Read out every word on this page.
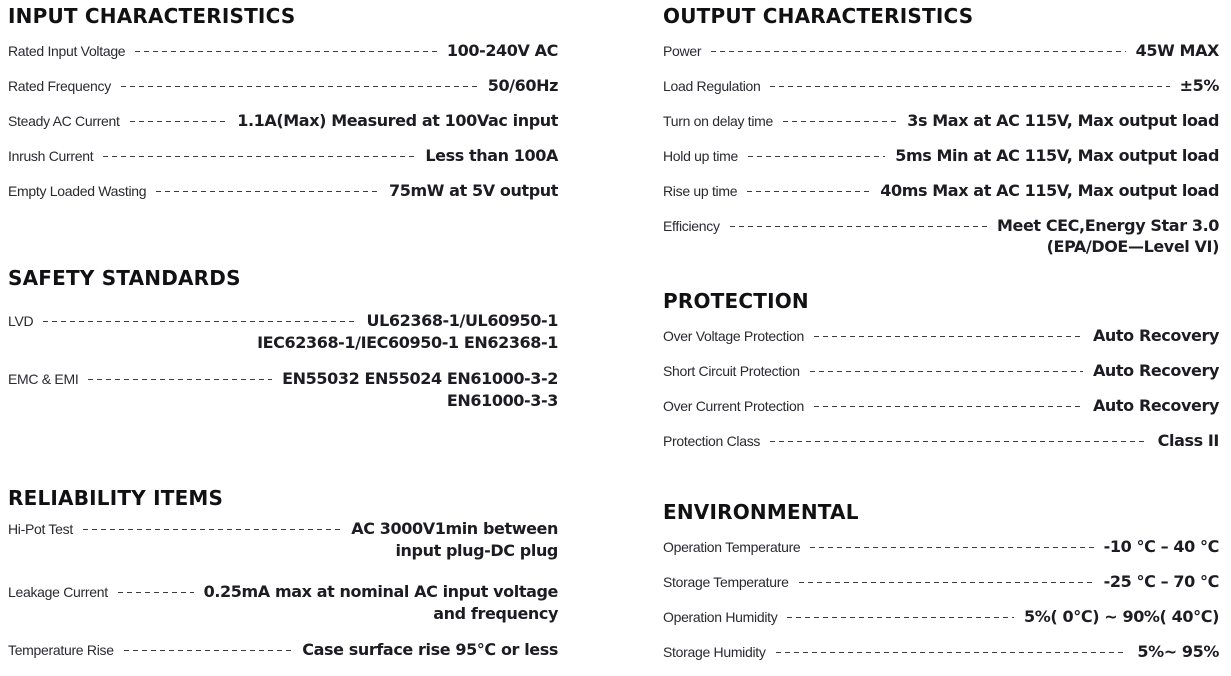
INPUT CHARACTERISTICS
Rated Input Voltage	100-240V AC
Rated Frequency	50/60Hz
Steady AC Current	1.1A(Max) Measured at 100Vac input
Inrush Current	Less than 100A
Empty Loaded Wasting	75mW at 5V output
SAFETY STANDARDS
LVD	UL62368-1/UL60950-1
IEC62368-1/IEC60950-1 EN62368-1
EMC & EMI	EN55032 EN55024 EN61000-3-2
EN61000-3-3
RELIABILITY ITEMS
Hi-Pot Test	AC 3000V1min between
input plug-DC plug
Leakage Current	0.25mA max at nominal AC input voltage
and frequency
Temperature Rise	Case surface rise 95℃ or less
OUTPUT CHARACTERISTICS
Power	45W MAX
Load Regulation	±5%
Turn on delay time	3s Max at AC 115V, Max output load
Hold up time	5ms Min at AC 115V, Max output load
Rise up time	40ms Max at AC 115V, Max output load
Efficiency	Meet CEC,Energy Star 3.0
(EPA/DOE—Level VI)
PROTECTION
Over Voltage Protection	Auto Recovery
Short Circuit Protection	Auto Recovery
Over Current Protection	Auto Recovery
Protection Class	Class II
ENVIRONMENTAL
Operation Temperature	-10 ℃ – 40 ℃
Storage Temperature	-25 ℃ – 70 ℃
Operation Humidity	5%( 0℃) ~ 90%( 40℃)
Storage Humidity	5%~ 95%
